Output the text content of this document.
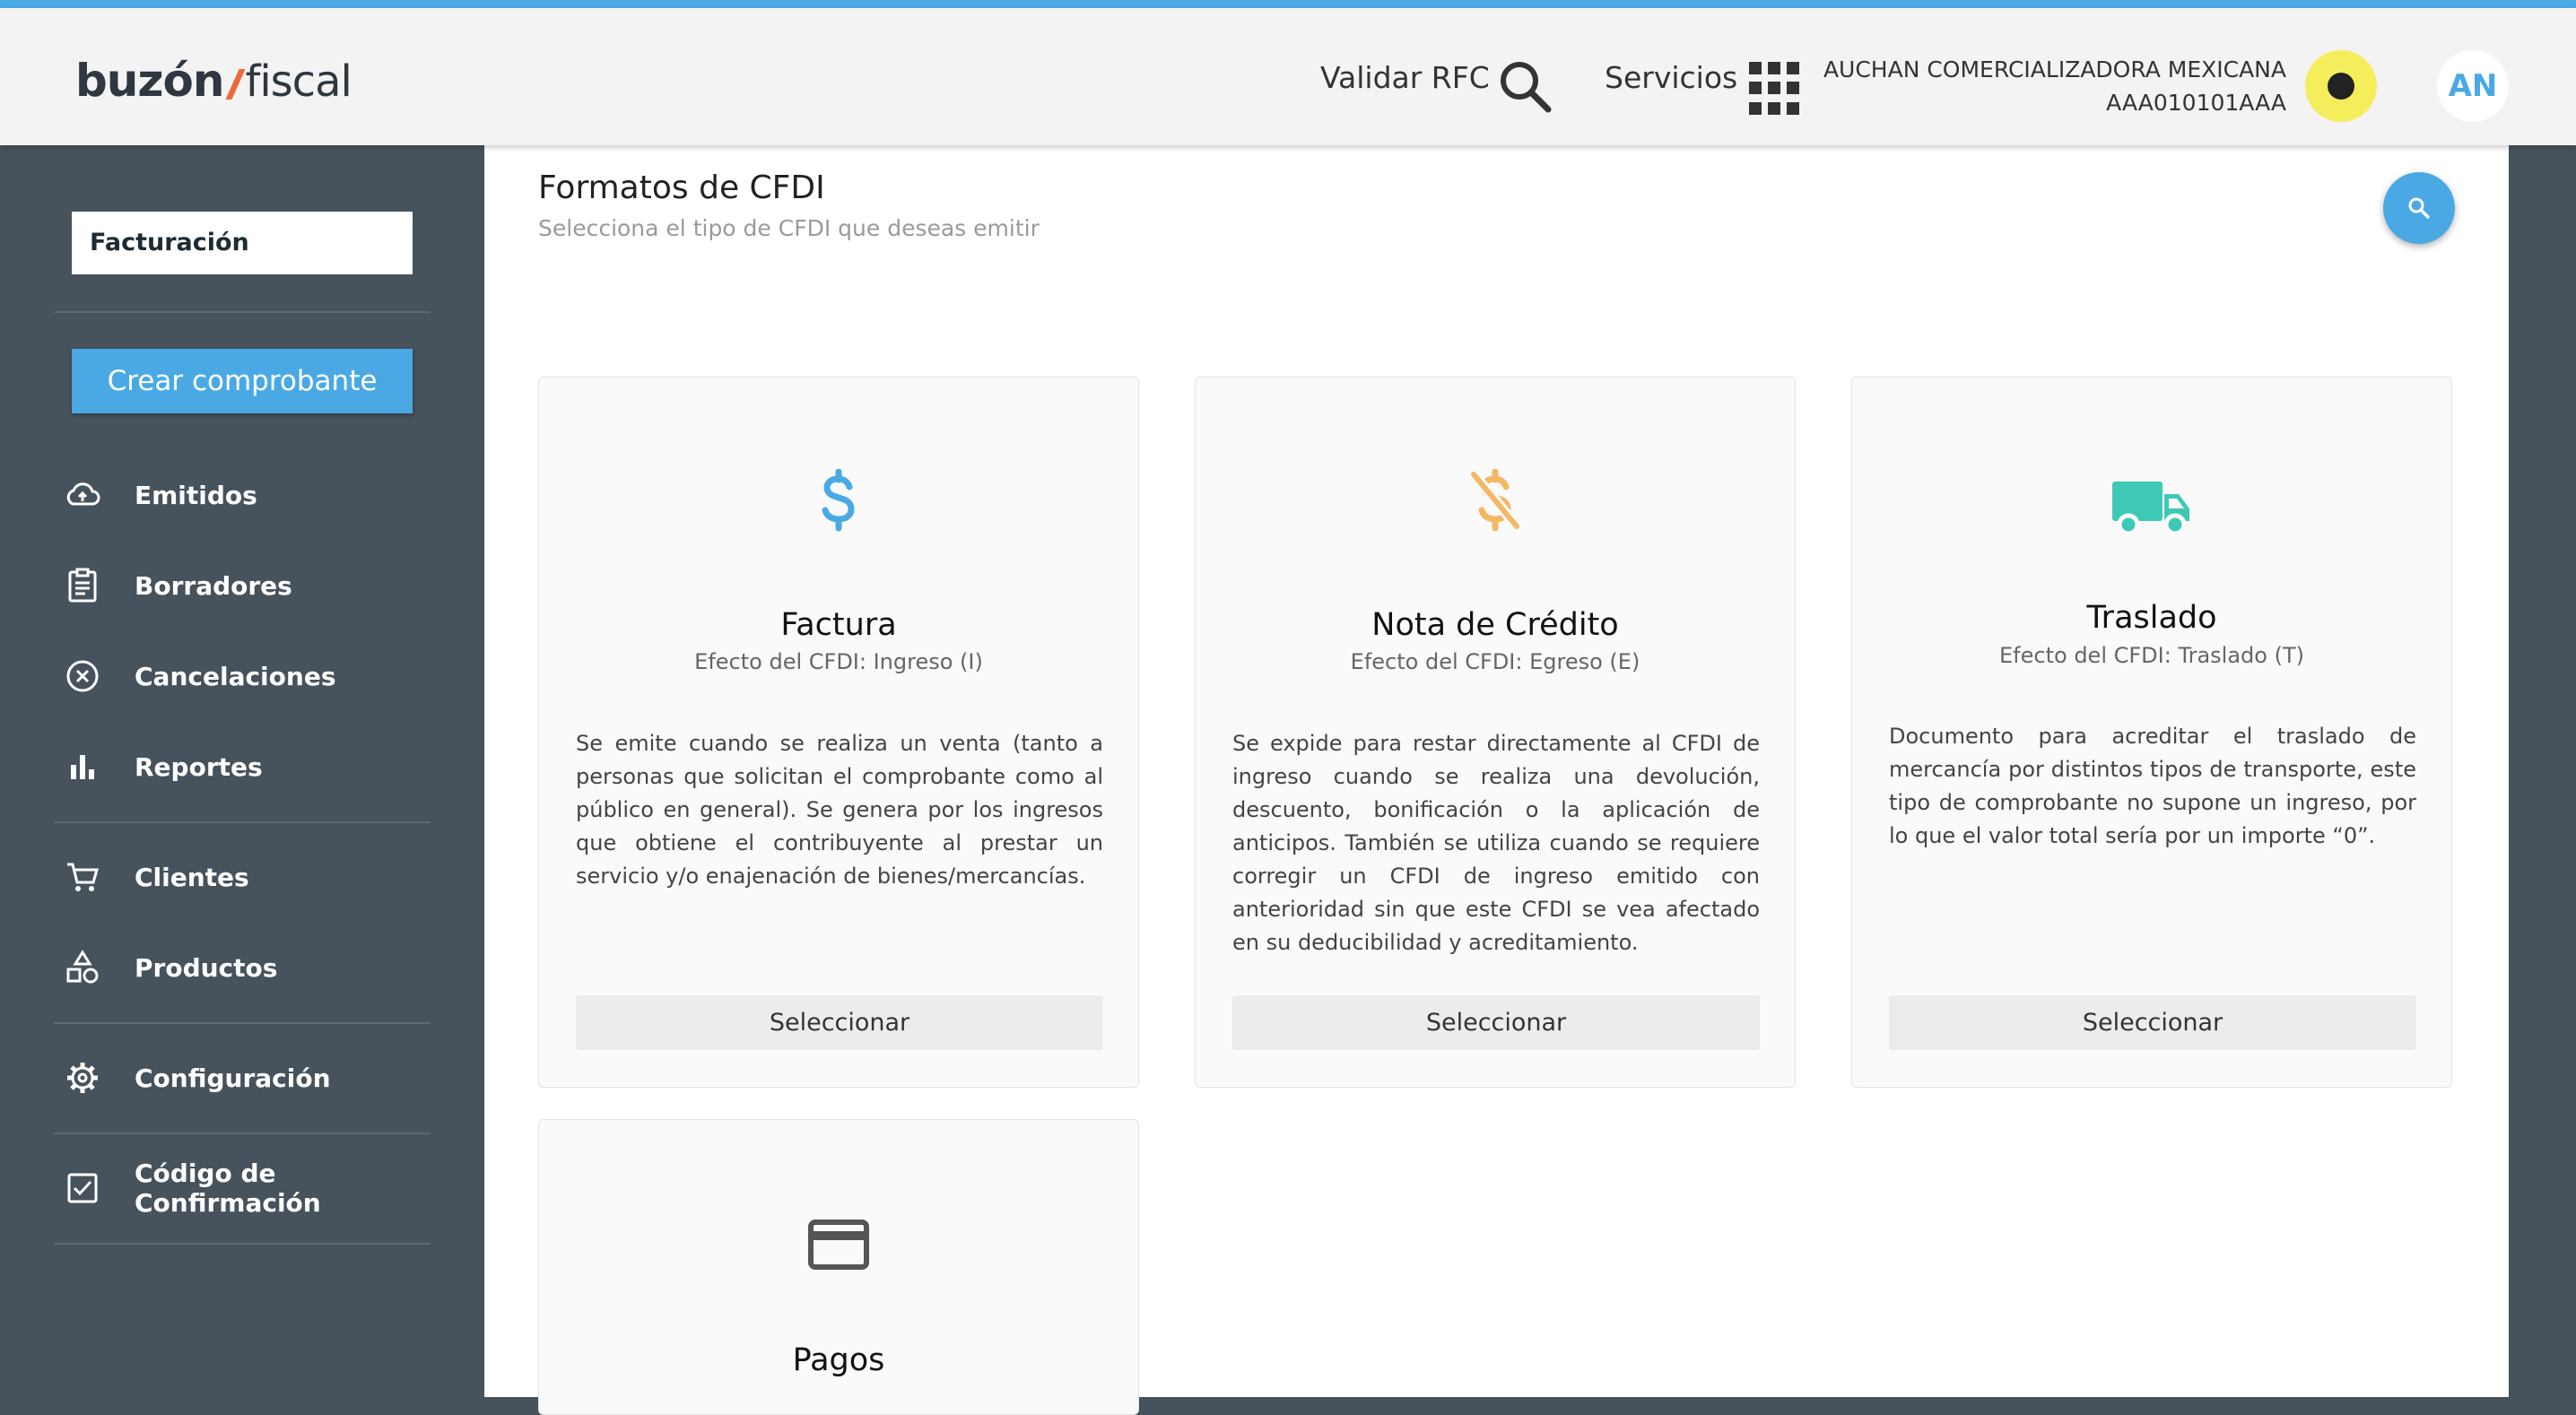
buzón fiscal	Validar RFC	Servicios	AUCHAN COMERCIALIZADORA MEXICANA
AAA010101AAA	AN
Facturación
Crear comprobante
Emitidos
Borradores
Cancelaciones
Reportes
Clientes
Productos
Configuración
Código de Confirmación
Formatos de CFDI
Selecciona el tipo de CFDI que deseas emitir
Factura
Efecto del CFDI: Ingreso (I)
Se emite cuando se realiza un venta (tanto a personas que solicitan el comprobante como al público en general). Se genera por los ingresos que obtiene el contribuyente al prestar un servicio y/o enajenación de bienes/mercancías.
Seleccionar
Nota de Crédito
Efecto del CFDI: Egreso (E)
Se expide para restar directamente al CFDI de ingreso cuando se realiza una devolución, descuento, bonificación o la aplicación de anticipos. También se utiliza cuando se requiere corregir un CFDI de ingreso emitido con anterioridad sin que este CFDI se vea afectado en su deducibilidad y acreditamiento.
Seleccionar
Traslado
Efecto del CFDI: Traslado (T)
Documento para acreditar el traslado de mercancía por distintos tipos de transporte, este tipo de comprobante no supone un ingreso, por lo que el valor total sería por un importe “0”.
Seleccionar
Pagos
